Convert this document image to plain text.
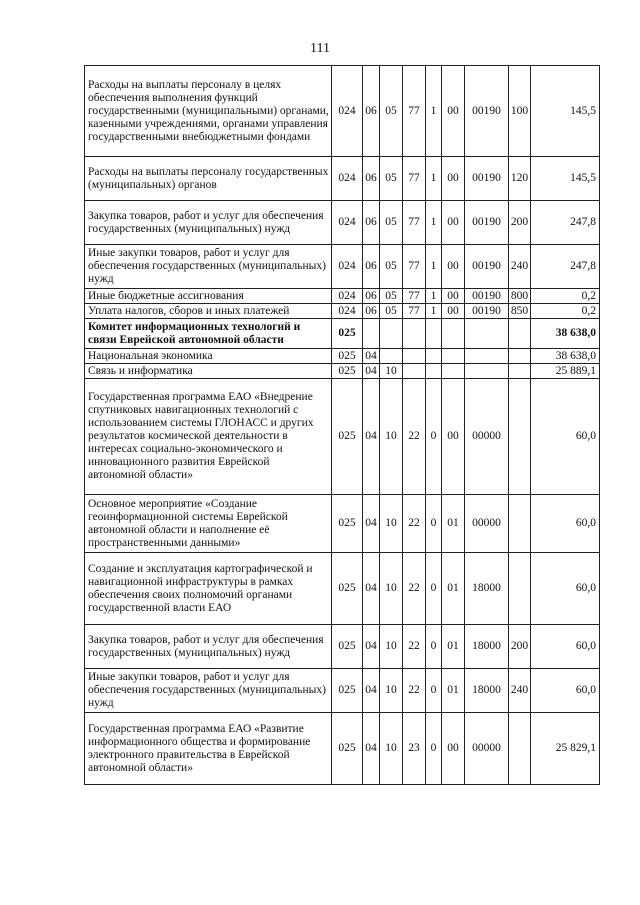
111
Расходы на выплаты персоналу в целях обеспечения выполнения функций государственными (муниципальными) органами, казенными учреждениями, органами управления государственными внебюджетными фондами	024	06	05	77	1	00	00190	100	145,5
Расходы на выплаты персоналу государственных (муниципальных) органов	024	06	05	77	1	00	00190	120	145,5
Закупка товаров, работ и услуг для обеспечения государственных (муниципальных) нужд	024	06	05	77	1	00	00190	200	247,8
Иные закупки товаров, работ и услуг для обеспечения государственных (муниципальных) нужд	024	06	05	77	1	00	00190	240	247,8
Иные бюджетные ассигнования	024	06	05	77	1	00	00190	800	0,2
Уплата налогов, сборов и иных платежей	024	06	05	77	1	00	00190	850	0,2
Комитет информационных технологий и связи Еврейской автономной области	025								38 638,0
Национальная экономика	025	04							38 638,0
Связь и информатика	025	04	10						25 889,1
Государственная программа ЕАО «Внедрение спутниковых навигационных технологий с использованием системы ГЛОНАСС и других результатов космической деятельности в интересах социально-экономического и инновационного развития Еврейской автономной области»	025	04	10	22	0	00	00000		60,0
Основное мероприятие «Создание геоинформационной системы Еврейской автономной области и наполнение её пространственными данными»	025	04	10	22	0	01	00000		60,0
Создание и эксплуатация картографической и навигационной инфраструктуры в рамках обеспечения своих полномочий органами государственной власти ЕАО	025	04	10	22	0	01	18000		60,0
Закупка товаров, работ и услуг для обеспечения государственных (муниципальных) нужд	025	04	10	22	0	01	18000	200	60,0
Иные закупки товаров, работ и услуг для обеспечения государственных (муниципальных) нужд	025	04	10	22	0	01	18000	240	60,0
Государственная программа ЕАО «Развитие информационного общества и формирование электронного правительства в Еврейской автономной области»	025	04	10	23	0	00	00000		25 829,1
